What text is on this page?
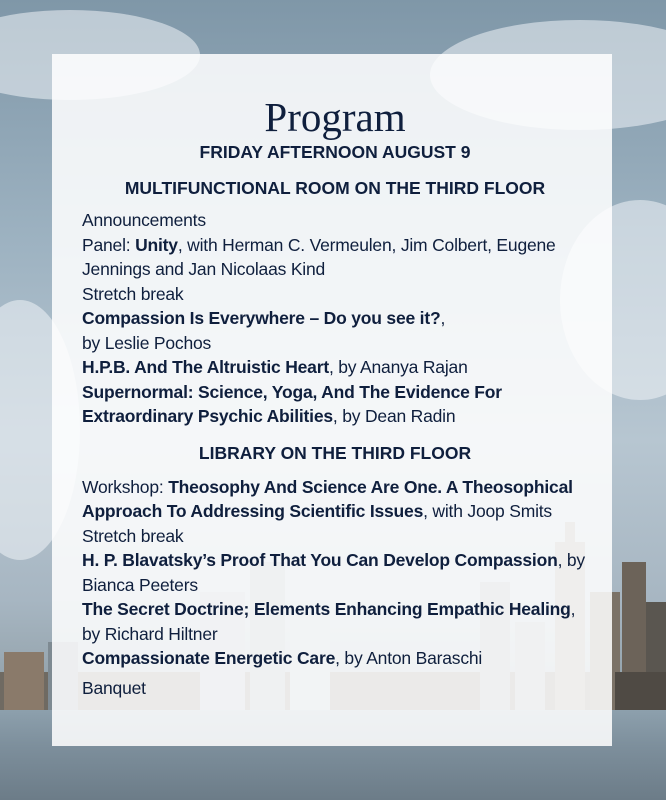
Program
FRIDAY AFTERNOON AUGUST 9
MULTIFUNCTIONAL ROOM ON THE THIRD FLOOR
Announcements
Panel: Unity, with Herman C. Vermeulen, Jim Colbert, Eugene Jennings and Jan Nicolaas Kind
Stretch break
Compassion Is Everywhere – Do you see it?,
by Leslie Pochos
H.P.B. And The Altruistic Heart, by Ananya Rajan
Supernormal: Science, Yoga, And The Evidence For Extraordinary Psychic Abilities, by Dean Radin
LIBRARY ON THE THIRD FLOOR
Workshop: Theosophy And Science Are One. A Theosophical Approach To Addressing Scientific Issues, with Joop Smits
Stretch break
H. P. Blavatsky’s Proof That You Can Develop Compassion, by Bianca Peeters
The Secret Doctrine; Elements Enhancing Empathic Healing, by Richard Hiltner
Compassionate Energetic Care, by Anton Baraschi
Banquet
